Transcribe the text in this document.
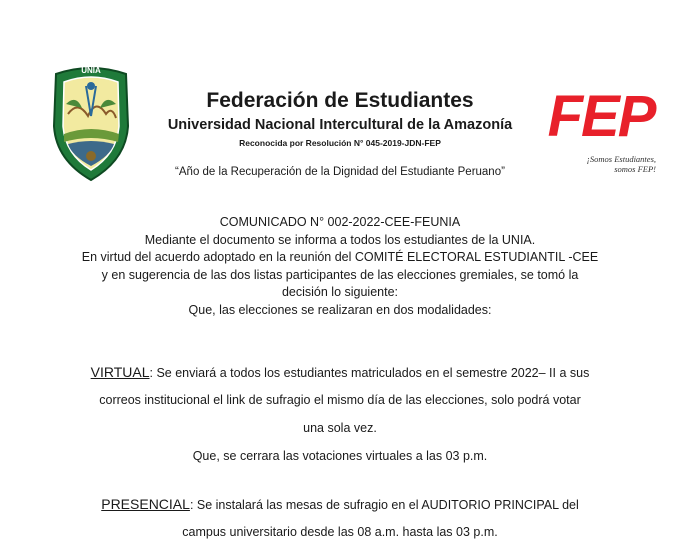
UNIA
FEP
¡Somos Estudiantes,
somos FEP!
Federación de Estudiantes
Universidad Nacional Intercultural de la Amazonía
Reconocida por Resolución N° 045-2019-JDN-FEP
“Año de la Recuperación de la Dignidad del Estudiante Peruano”
COMUNICADO N° 002-2022-CEE-FEUNIA
Mediante el documento se informa a todos los estudiantes de la UNIA.
En virtud del acuerdo adoptado en la reunión del COMITÉ ELECTORAL ESTUDIANTIL -CEE
y en sugerencia de las dos listas participantes de las elecciones gremiales, se tomó la
decisión lo siguiente:
Que, las elecciones se realizaran en dos modalidades:
VIRTUAL: Se enviará a todos los estudiantes matriculados en el semestre 2022– II a sus
correos institucional el link de sufragio el mismo día de las elecciones, solo podrá votar
una sola vez.
Que, se cerrara las votaciones virtuales a las 03 p.m.
PRESENCIAL: Se instalará las mesas de sufragio en el AUDITORIO PRINCIPAL del
campus universitario desde las 08 a.m. hasta las 03 p.m.
